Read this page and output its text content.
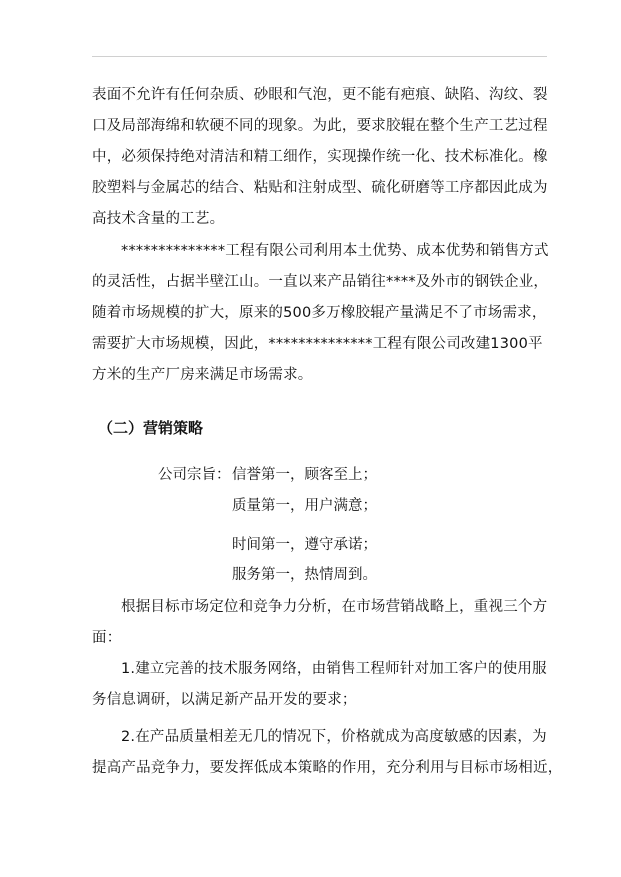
表面不允许有任何杂质、砂眼和气泡，更不能有疤痕、缺陷、沟纹、裂

口及局部海绵和软硬不同的现象。为此，要求胶辊在整个生产工艺过程

中，必须保持绝对清洁和精工细作，实现操作统一化、技术标准化。橡

胶塑料与金属芯的结合、粘贴和注射成型、硫化研磨等工序都因此成为

高技术含量的工艺。

**************工程有限公司利用本土优势、成本优势和销售方式

的灵活性，占据半壁江山。一直以来产品销往****及外市的钢铁企业，

随着市场规模的扩大，原来的500多万橡胶辊产量满足不了市场需求，

需要扩大市场规模，因此，**************工程有限公司改建1300平

方米的生产厂房来满足市场需求。

（二）营销策略

公司宗旨： 信誉第一，顾客至上；

质量第一，用户满意；

时间第一，遵守承诺；

服务第一，热情周到。

根据目标市场定位和竞争力分析，在市场营销战略上，重视三个方

面：

1.建立完善的技术服务网络，由销售工程师针对加工客户的使用服

务信息调研，以满足新产品开发的要求；

2.在产品质量相差无几的情况下，价格就成为高度敏感的因素，为

提高产品竞争力，要发挥低成本策略的作用，充分利用与目标市场相近，
